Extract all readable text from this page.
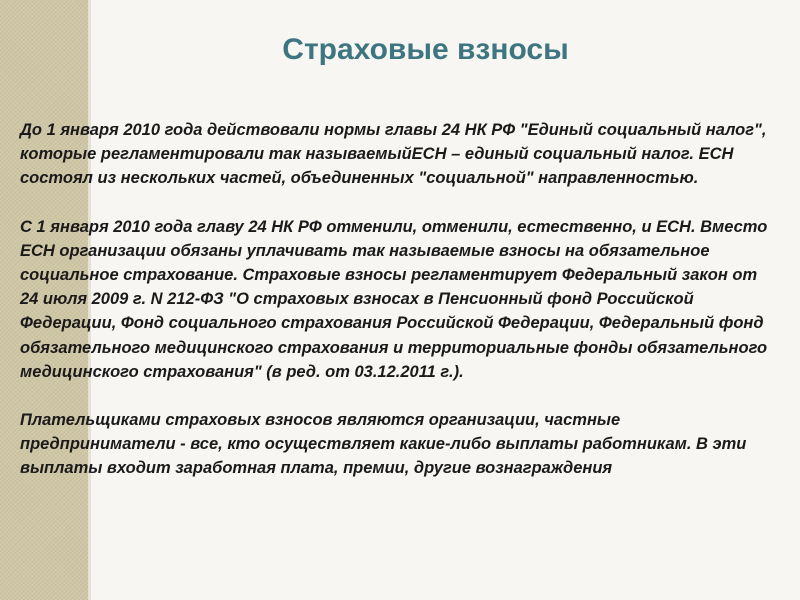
Страховые взносы

До 1 января 2010 года действовали нормы главы 24 НК РФ "Единый социальный налог", которые регламентировали так называемыйЕСН – единый социальный налог. ЕСН состоял из нескольких частей, объединенных "социальной" направленностью.

С 1 января 2010 года главу 24 НК РФ отменили, отменили, естественно, и ЕСН. Вместо ЕСН организации обязаны уплачивать так называемые взносы на обязательное социальное страхование. Страховые взносы регламентирует Федеральный закон от 24 июля 2009 г. N 212-ФЗ "О страховых взносах в Пенсионный фонд Российской Федерации, Фонд социального страхования Российской Федерации, Федеральный фонд обязательного медицинского страхования и территориальные фонды обязательного медицинского страхования" (в ред. от 03.12.2011 г.).

Плательщиками страховых взносов являются организации, частные предприниматели - все, кто осуществляет какие-либо выплаты работникам. В эти выплаты входит заработная плата, премии, другие вознаграждения
